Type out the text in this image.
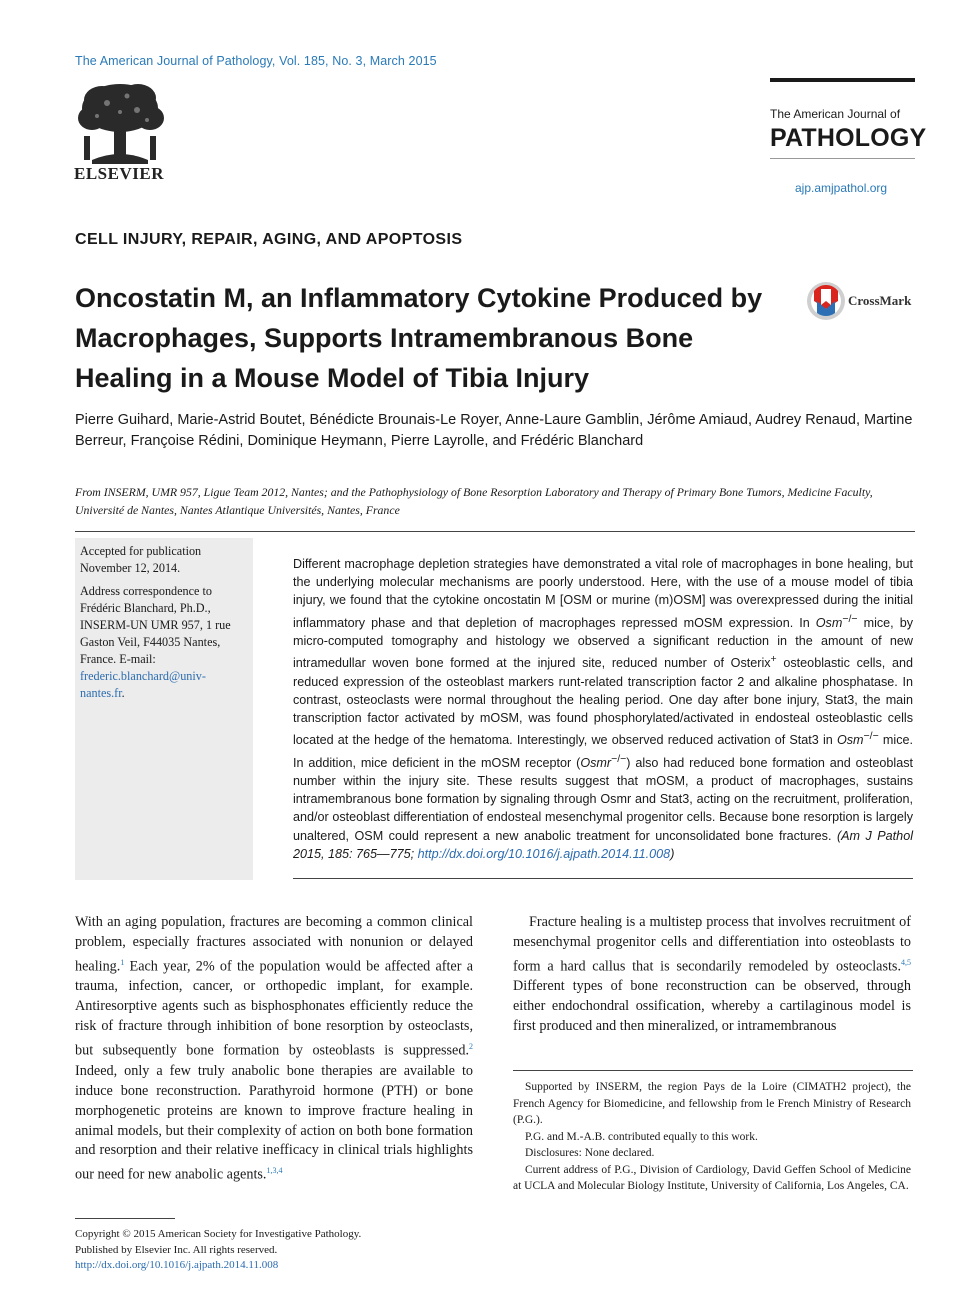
The American Journal of Pathology, Vol. 185, No. 3, March 2015
ELSEVIER
The American Journal of
PATHOLOGY
ajp.amjpathol.org
CELL INJURY, REPAIR, AGING, AND APOPTOSIS
Oncostatin M, an Inflammatory Cytokine Produced by Macrophages, Supports Intramembranous Bone Healing in a Mouse Model of Tibia Injury
CrossMark
Pierre Guihard, Marie-Astrid Boutet, Bénédicte Brounais-Le Royer, Anne-Laure Gamblin, Jérôme Amiaud, Audrey Renaud, Martine Berreur, Françoise Rédini, Dominique Heymann, Pierre Layrolle, and Frédéric Blanchard
From INSERM, UMR 957, Ligue Team 2012, Nantes; and the Pathophysiology of Bone Resorption Laboratory and Therapy of Primary Bone Tumors, Medicine Faculty, Université de Nantes, Nantes Atlantique Universités, Nantes, France

Accepted for publication November 12, 2014.

Address correspondence to Frédéric Blanchard, Ph.D., INSERM-UN UMR 957, 1 rue Gaston Veil, F44035 Nantes, France. E-mail: frederic.blanchard@univ-nantes.fr.

Different macrophage depletion strategies have demonstrated a vital role of macrophages in bone healing, but the underlying molecular mechanisms are poorly understood. Here, with the use of a mouse model of tibia injury, we found that the cytokine oncostatin M [OSM or murine (m)OSM] was overexpressed during the initial inflammatory phase and that depletion of macrophages repressed mOSM expression. In Osm−/− mice, by micro-computed tomography and histology we observed a significant reduction in the amount of new intramedullar woven bone formed at the injured site, reduced number of Osterix+ osteoblastic cells, and reduced expression of the osteoblast markers runt-related transcription factor 2 and alkaline phosphatase. In contrast, osteoclasts were normal throughout the healing period. One day after bone injury, Stat3, the main transcription factor activated by mOSM, was found phosphorylated/activated in endosteal osteoblastic cells located at the hedge of the hematoma. Interestingly, we observed reduced activation of Stat3 in Osm−/− mice. In addition, mice deficient in the mOSM receptor (Osmr−/−) also had reduced bone formation and osteoblast number within the injury site. These results suggest that mOSM, a product of macrophages, sustains intramembranous bone formation by signaling through Osmr and Stat3, acting on the recruitment, proliferation, and/or osteoblast differentiation of endosteal mesenchymal progenitor cells. Because bone resorption is largely unaltered, OSM could represent a new anabolic treatment for unconsolidated bone fractures. (Am J Pathol 2015, 185: 765—775; http://dx.doi.org/10.1016/j.ajpath.2014.11.008)

With an aging population, fractures are becoming a common clinical problem, especially fractures associated with nonunion or delayed healing.$^1$ Each year, 2% of the population would be affected after a trauma, infection, cancer, or orthopedic implant, for example. Antiresorptive agents such as bisphosphonates efficiently reduce the risk of fracture through inhibition of bone resorption by osteoclasts, but subsequently bone formation by osteoblasts is suppressed.$^2$ Indeed, only a few truly anabolic bone therapies are available to induce bone reconstruction. Parathyroid hormone (PTH) or bone morphogenetic proteins are known to improve fracture healing in animal models, but their complexity of action on both bone formation and resorption and their relative inefficacy in clinical trials highlights our need for new anabolic agents.$^{1,3,4}$

Fracture healing is a multistep process that involves recruitment of mesenchymal progenitor cells and differentiation into osteoblasts to form a hard callus that is secondarily remodeled by osteoclasts.$^{4,5}$ Different types of bone reconstruction can be observed, through either endochondral ossification, whereby a cartilaginous model is first produced and then mineralized, or intramembranous

Supported by INSERM, the region Pays de la Loire (CIMATH2 project), the French Agency for Biomedicine, and fellowship from le French Ministry of Research (P.G.).

P.G. and M.-A.B. contributed equally to this work.

Disclosures: None declared.

Current address of P.G., Division of Cardiology, David Geffen School of Medicine at UCLA and Molecular Biology Institute, University of California, Los Angeles, CA.

Copyright © 2015 American Society for Investigative Pathology.
Published by Elsevier Inc. All rights reserved.
http://dx.doi.org/10.1016/j.ajpath.2014.11.008
